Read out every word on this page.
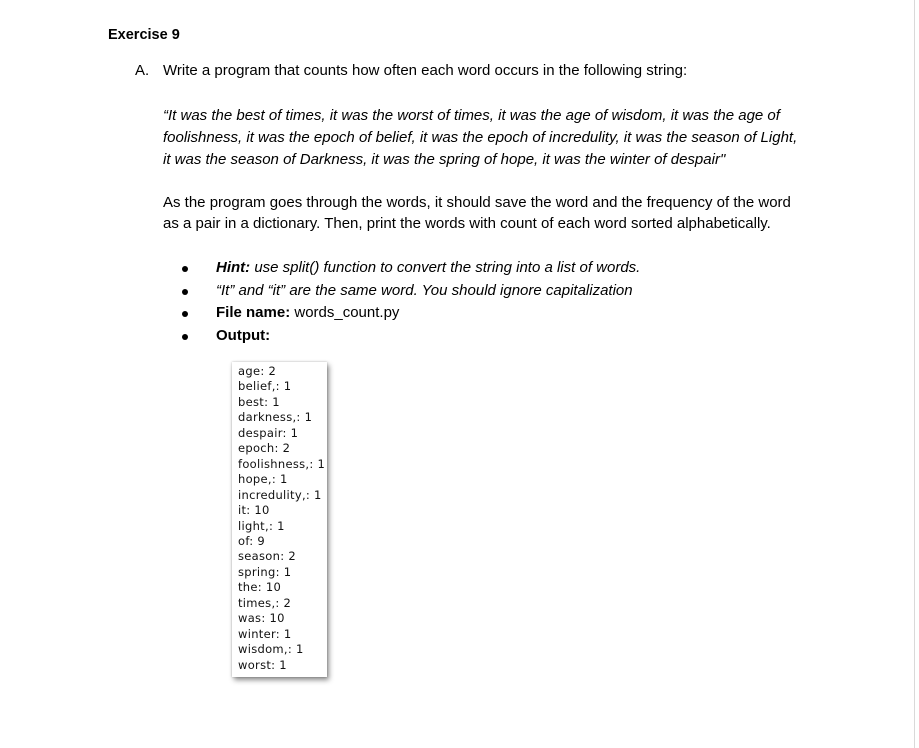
Exercise 9
A. Write a program that counts how often each word occurs in the following string:
“It was the best of times, it was the worst of times, it was the age of wisdom, it was the age of
foolishness, it was the epoch of belief, it was the epoch of incredulity, it was the season of Light,
it was the season of Darkness, it was the spring of hope, it was the winter of despair"
As the program goes through the words, it should save the word and the frequency of the word
as a pair in a dictionary. Then, print the words with count of each word sorted alphabetically.
Hint: use split() function to convert the string into a list of words.
“It” and “it” are the same word. You should ignore capitalization
File name: words_count.py
Output:
age: 2
belief,: 1
best: 1
darkness,: 1
despair: 1
epoch: 2
foolishness,: 1
hope,: 1
incredulity,: 1
it: 10
light,: 1
of: 9
season: 2
spring: 1
the: 10
times,: 2
was: 10
winter: 1
wisdom,: 1
worst: 1
